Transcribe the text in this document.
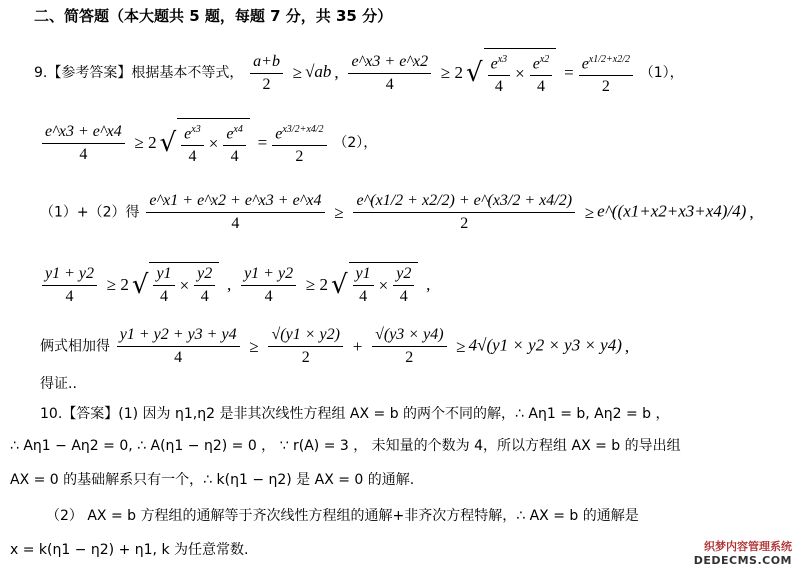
二、简答题（本大题共 5 题，每题 7 分，共 35 分）
9.【参考答案】根据基本不等式， $\frac{a+b}{2} \ge √ab$ , $\frac{e\^{}x3 + e\^{}x2}{4} \ge 2$ √ $\frac{e^{x3}}{4} \times \frac{e^{x2}}{4} = \frac{e^{x1/2+x2/2}}{2} (1)$，
$\frac{e\^{}x3 + e\^{}x4}{4} \ge 2$ √ $\frac{e^{x3}}{4} \times \frac{e^{x4}}{4} = \frac{e^{x3/2+x4/2}}{2} (2)$，
（1）+（2）得 $\frac{e\^{}x1 + e\^{}x2 + e\^{}x3 + e\^{}x4}{4} \ge \frac{e\^{}(x1/2 + x2/2) + e\^{}(x3/2 + x4/2)}{2}$ ≥ e^((x1+x2+x3+x4)/4) ,
$\frac{y1 + y2}{4} \ge 2$ √ $\frac{y1}{4} \times \frac{y2}{4}$ , $\frac{y1 + y2}{4} \ge 2$ √ $\frac{y1}{4} \times \frac{y2}{4}$ ,
俩式相加得 $\frac{y1 + y2 + y3 + y4}{4} \ge \frac{√(y1 \times y2)}{2} + \frac{√(y3 \times y4)}{2} \ge 4√(y1 \times y2 \times y3 \times y4)$ ,
得证..
10.【答案】(1) 因为 η1,η2 是非其次线性方程组 AX = b 的两个不同的解，∴ Aη1 = b, Aη2 = b ，
∴ Aη1 − Aη2 = 0, ∴ A(η1 − η2) = 0 ， ∵ r(A) = 3 ， 未知量的个数为 4，所以方程组 AX = b 的导出组
AX = 0 的基础解系只有一个，∴ k(η1 − η2) 是 AX = 0 的通解.
（2） AX = b 方程组的通解等于齐次线性方程组的通解+非齐次方程特解，∴ AX = b 的通解是
x = k(η1 − η2) + η1, k 为任意常数.	织梦内容管理系统
DEDECMS.COM
